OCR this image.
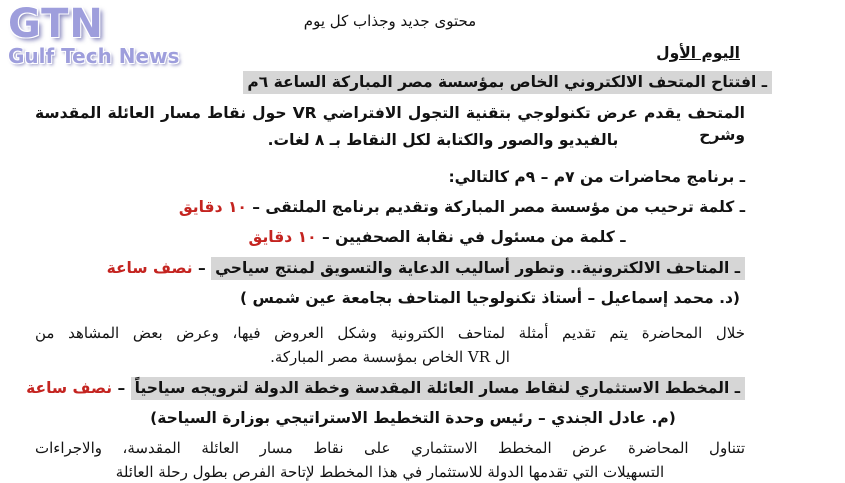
GTN
Gulf Tech News
محتوى جديد وجذاب كل يوم
اليوم الأول
ـ افتتاح المتحف الالكتروني الخاص بمؤسسة مصر المباركة الساعة ٦م
المتحف يقدم عرض تكنولوجي بتقنية التجول الافتراضي VR حول نقاط مسار العائلة المقدسة وشرح
بالفيديو والصور والكتابة لكل النقاط بـ ٨ لغات.
ـ برنامج محاضرات من ٧م – ٩م كالتالي:
ـ كلمة ترحيب من مؤسسة مصر المباركة وتقديم برنامج الملتقى – ١٠ دقايق
ـ كلمة من مسئول في نقابة الصحفيين – ١٠ دقايق
ـ المتاحف الالكترونية.. وتطور أساليب الدعاية والتسويق لمنتج سياحي – نصف ساعة
(د. محمد إسماعيل – أستاذ تكنولوجيا المتاحف بجامعة عين شمس )
خلال المحاضرة يتم تقديم أمثلة لمتاحف الكترونية وشكل العروض فيها، وعرض بعض المشاهد من
ال VR الخاص بمؤسسة مصر المباركة.
ـ المخطط الاستثماري لنقاط مسار العائلة المقدسة وخطة الدولة لترويجه سياحياً – نصف ساعة
(م. عادل الجندي – رئيس وحدة التخطيط الاستراتيجي بوزارة السياحة)
تتناول المحاضرة عرض المخطط الاستثماري على نقاط مسار العائلة المقدسة، والاجراءات
التسهيلات التي تقدمها الدولة للاستثمار في هذا المخطط لإتاحة الفرص بطول رحلة العائلة
